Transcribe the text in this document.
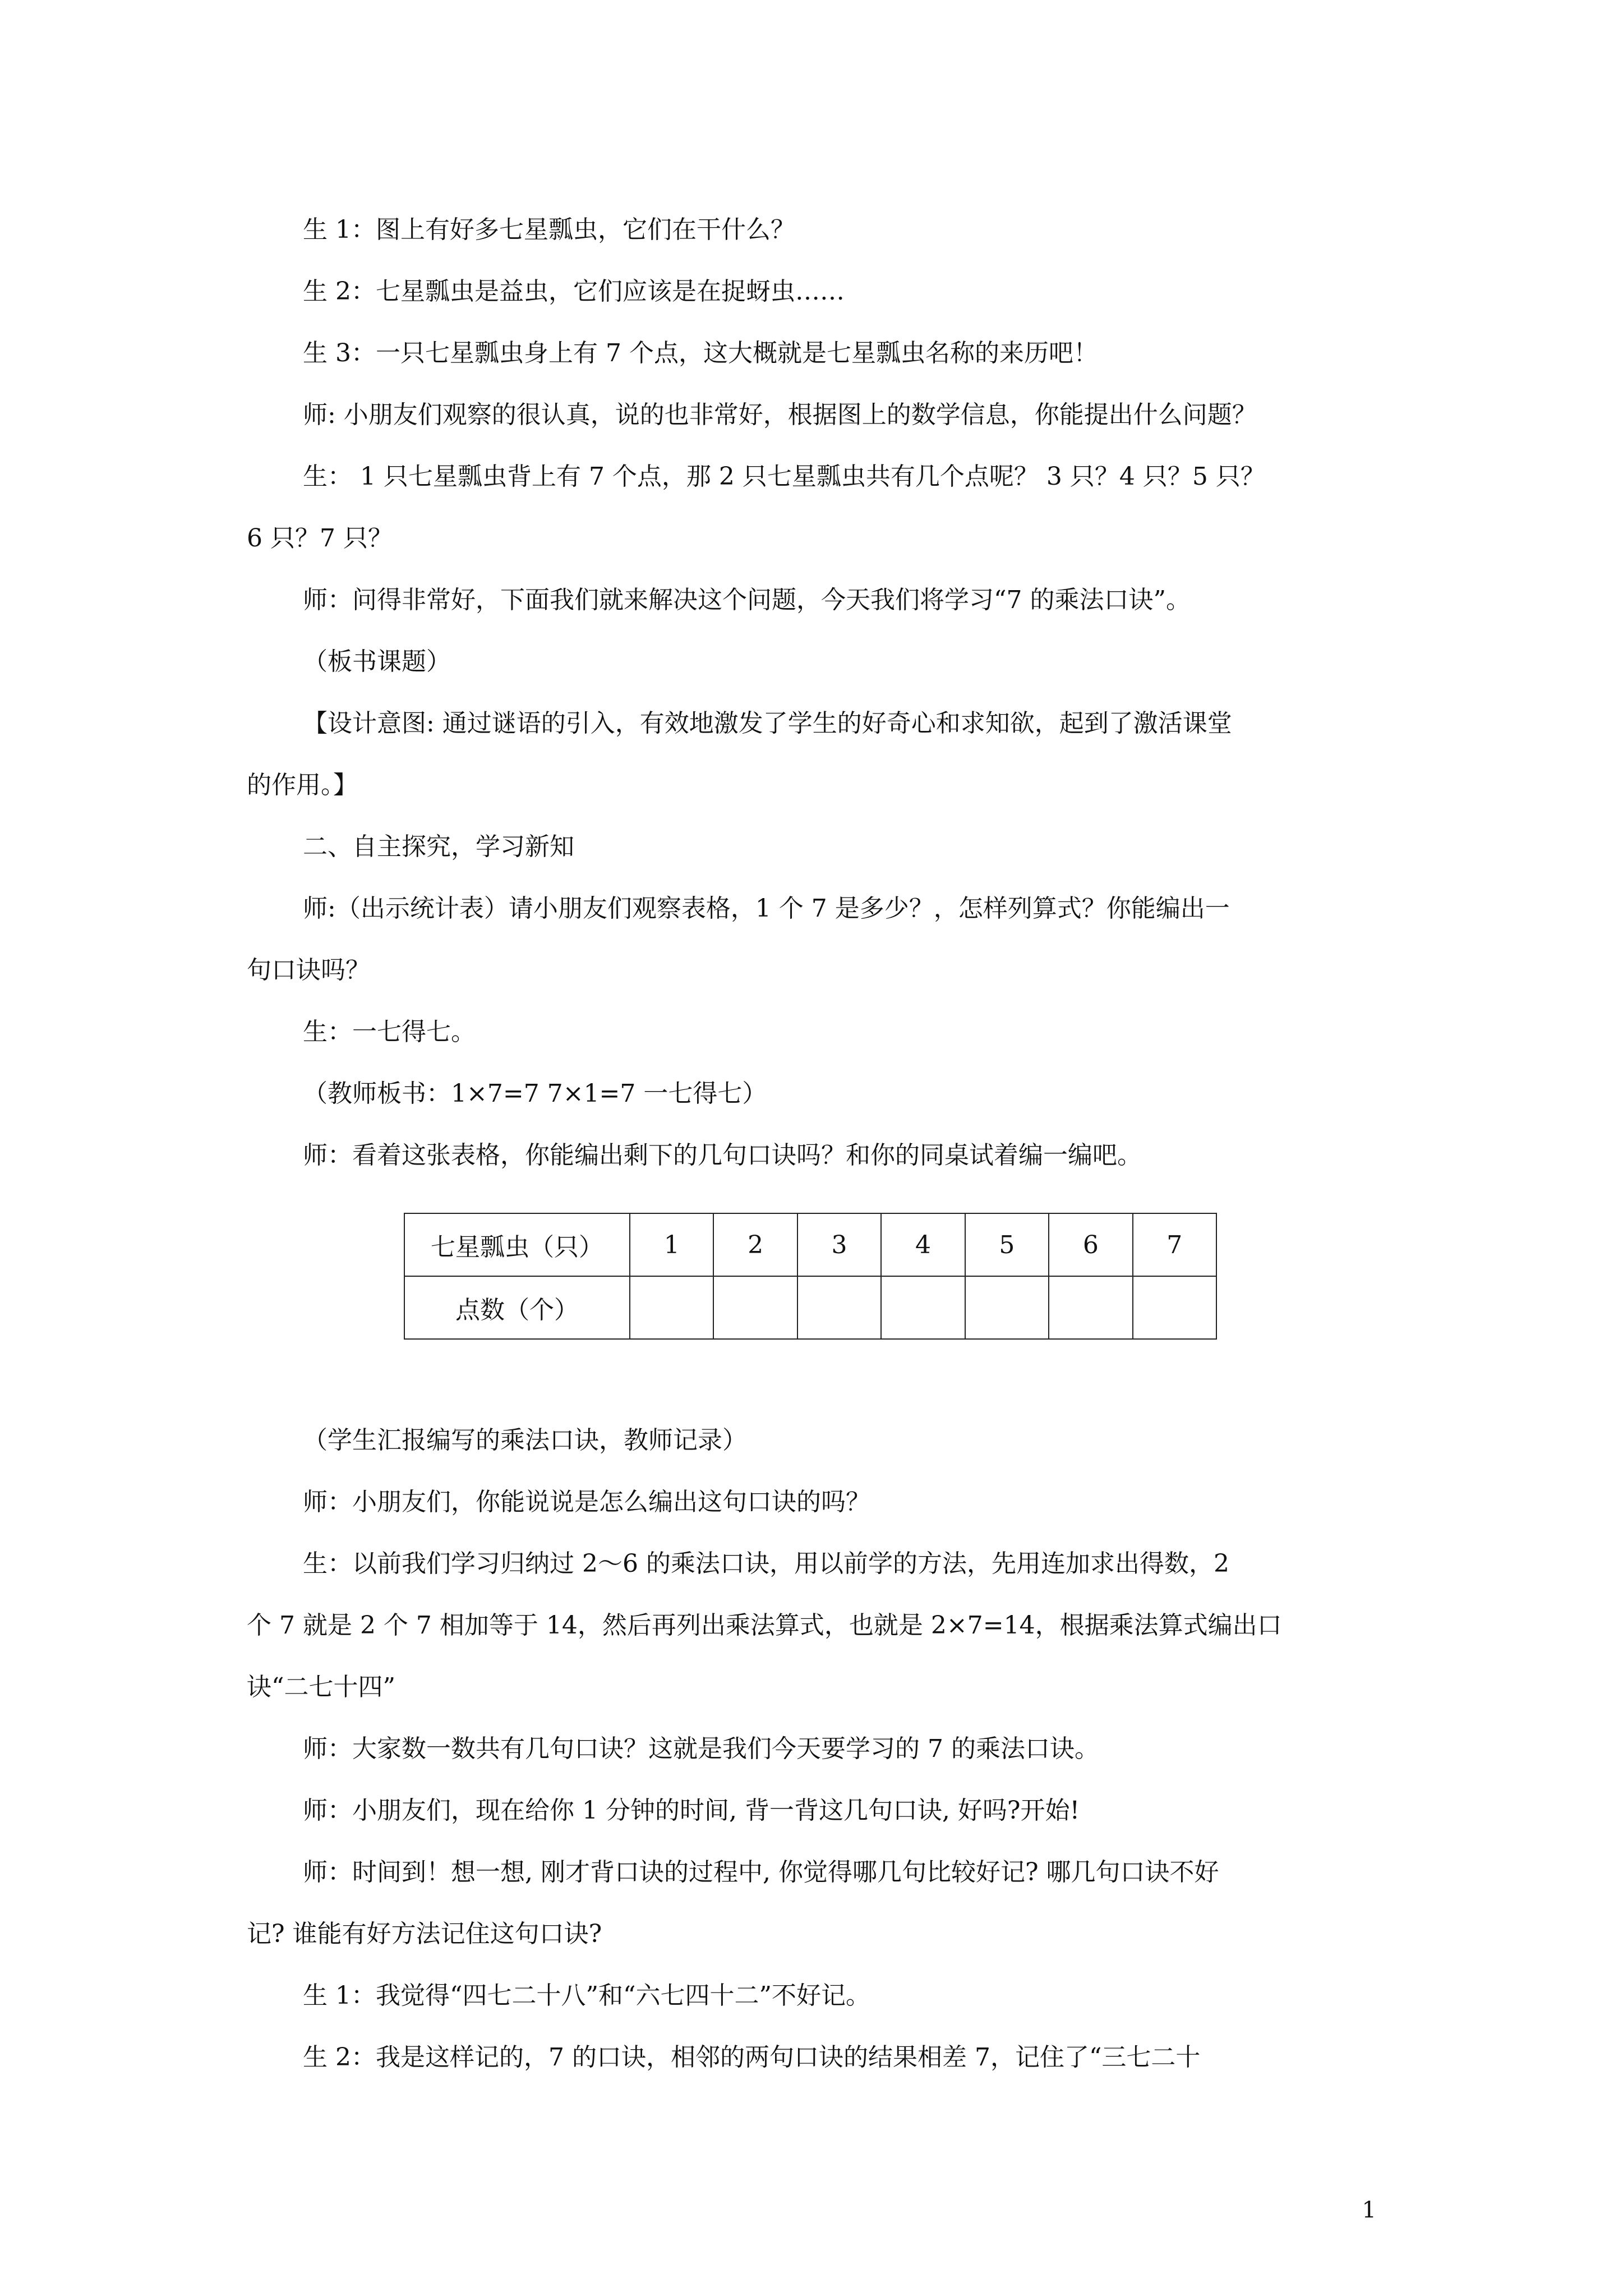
生 1：图上有好多七星瓢虫，它们在干什么？
生 2：七星瓢虫是益虫，它们应该是在捉蚜虫……
生 3：一只七星瓢虫身上有 7 个点，这大概就是七星瓢虫名称的来历吧！
师: 小朋友们观察的很认真，说的也非常好，根据图上的数学信息，你能提出什么问题？
生： 1 只七星瓢虫背上有 7 个点，那 2 只七星瓢虫共有几个点呢？ 3 只？4 只？5 只？
6 只？7 只？
师：问得非常好，下面我们就来解决这个问题，今天我们将学习“7 的乘法口诀”。
（板书课题）
【设计意图: 通过谜语的引入，有效地激发了学生的好奇心和求知欲，起到了激活课堂
的作用。】
二、自主探究，学习新知
师:（出示统计表）请小朋友们观察表格，1 个 7 是多少？，怎样列算式？你能编出一
句口诀吗？
生：一七得七。
（教师板书：1×7=7 7×1=7 一七得七）
师：看着这张表格，你能编出剩下的几句口诀吗？和你的同桌试着编一编吧。
七星瓢虫（只）	1	2	3	4	5	6	7
点数（个）							
（学生汇报编写的乘法口诀，教师记录）
师：小朋友们，你能说说是怎么编出这句口诀的吗？
生：以前我们学习归纳过 2～6 的乘法口诀，用以前学的方法，先用连加求出得数，2
个 7 就是 2 个 7 相加等于 14，然后再列出乘法算式，也就是 2×7=14，根据乘法算式编出口
诀“二七十四”
师：大家数一数共有几句口诀？这就是我们今天要学习的 7 的乘法口诀。
师：小朋友们，现在给你 1 分钟的时间, 背一背这几句口诀, 好吗?开始!
师：时间到！想一想, 刚才背口诀的过程中, 你觉得哪几句比较好记? 哪几句口诀不好
记? 谁能有好方法记住这句口诀?
生 1：我觉得“四七二十八”和“六七四十二”不好记。
生 2：我是这样记的，7 的口诀，相邻的两句口诀的结果相差 7，记住了“三七二十
1
